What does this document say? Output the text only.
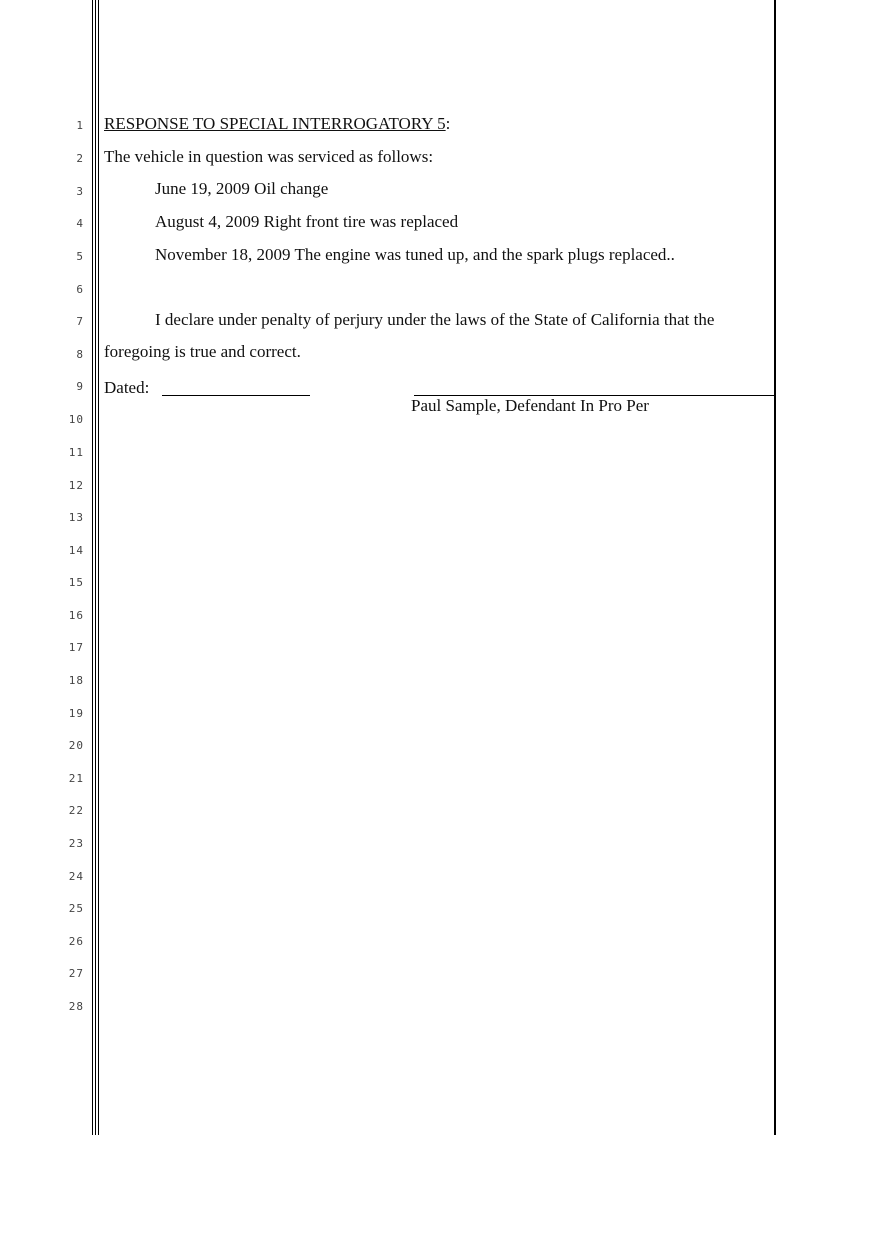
1
2
3
4
5
6
7
8
9
10
11
12
13
14
15
16
17
18
19
20
21
22
23
24
25
26
27
28
RESPONSE TO SPECIAL INTERROGATORY 5:
The vehicle in question was serviced as follows:
June 19, 2009 Oil change
August 4, 2009 Right front tire was replaced
November 18, 2009 The engine was tuned up, and the spark plugs replaced..
I declare under penalty of perjury under the laws of the State of California that the
foregoing is true and correct.
Dated:
Paul Sample, Defendant In Pro Per
